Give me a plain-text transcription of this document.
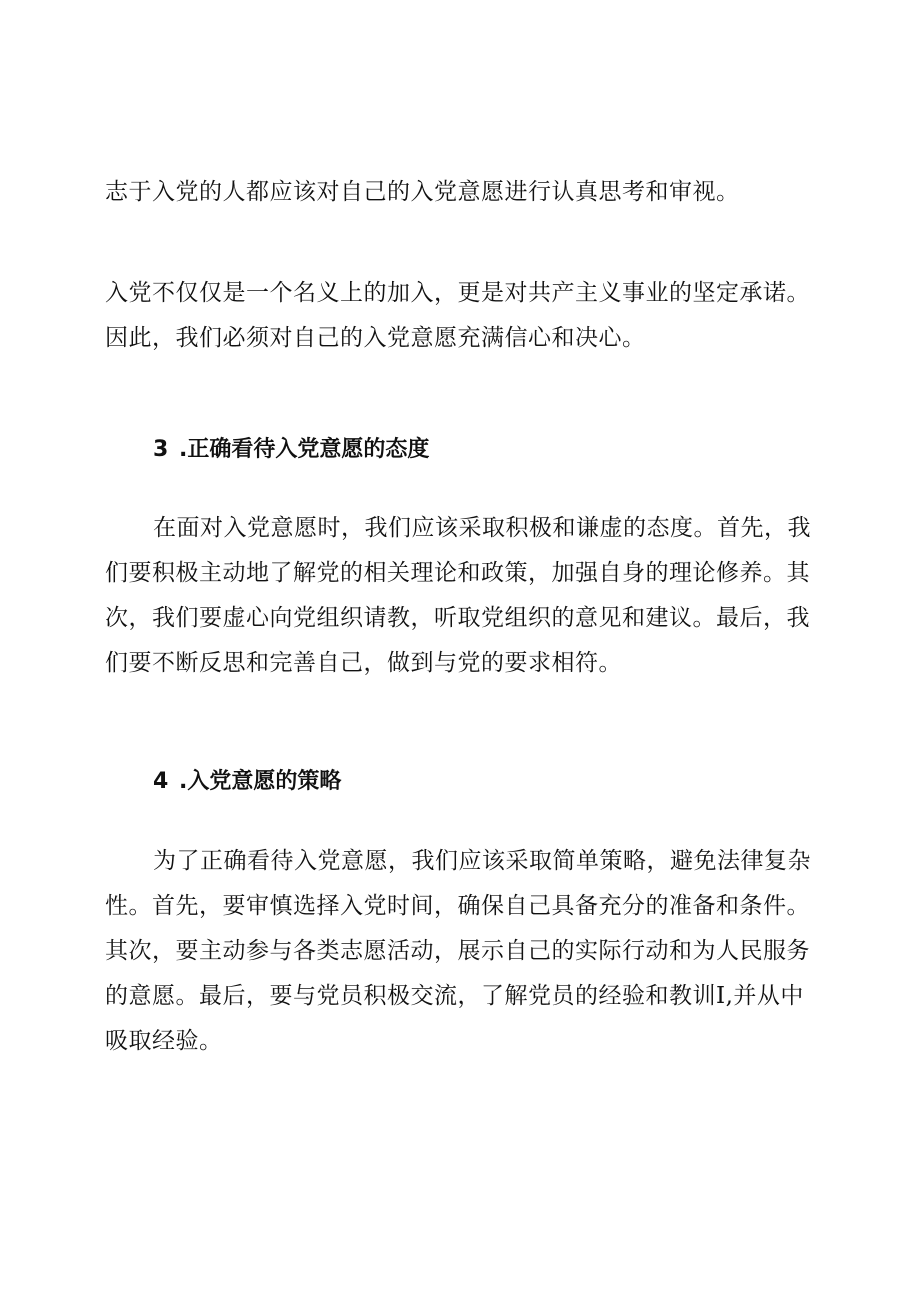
志于入党的人都应该对自己的入党意愿进行认真思考和审视。

入党不仅仅是一个名义上的加入，更是对共产主义事业的坚定承诺。因此，我们必须对自己的入党意愿充满信心和决心。

3 .正确看待入党意愿的态度

在面对入党意愿时，我们应该采取积极和谦虚的态度。首先，我们要积极主动地了解党的相关理论和政策，加强自身的理论修养。其次，我们要虚心向党组织请教，听取党组织的意见和建议。最后，我们要不断反思和完善自己，做到与党的要求相符。

4 .入党意愿的策略

为了正确看待入党意愿，我们应该采取简单策略，避免法律复杂性。首先，要审慎选择入党时间，确保自己具备充分的准备和条件。其次，要主动参与各类志愿活动，展示自己的实际行动和为人民服务的意愿。最后，要与党员积极交流，了解党员的经验和教训Ⅰ,并从中吸取经验。
